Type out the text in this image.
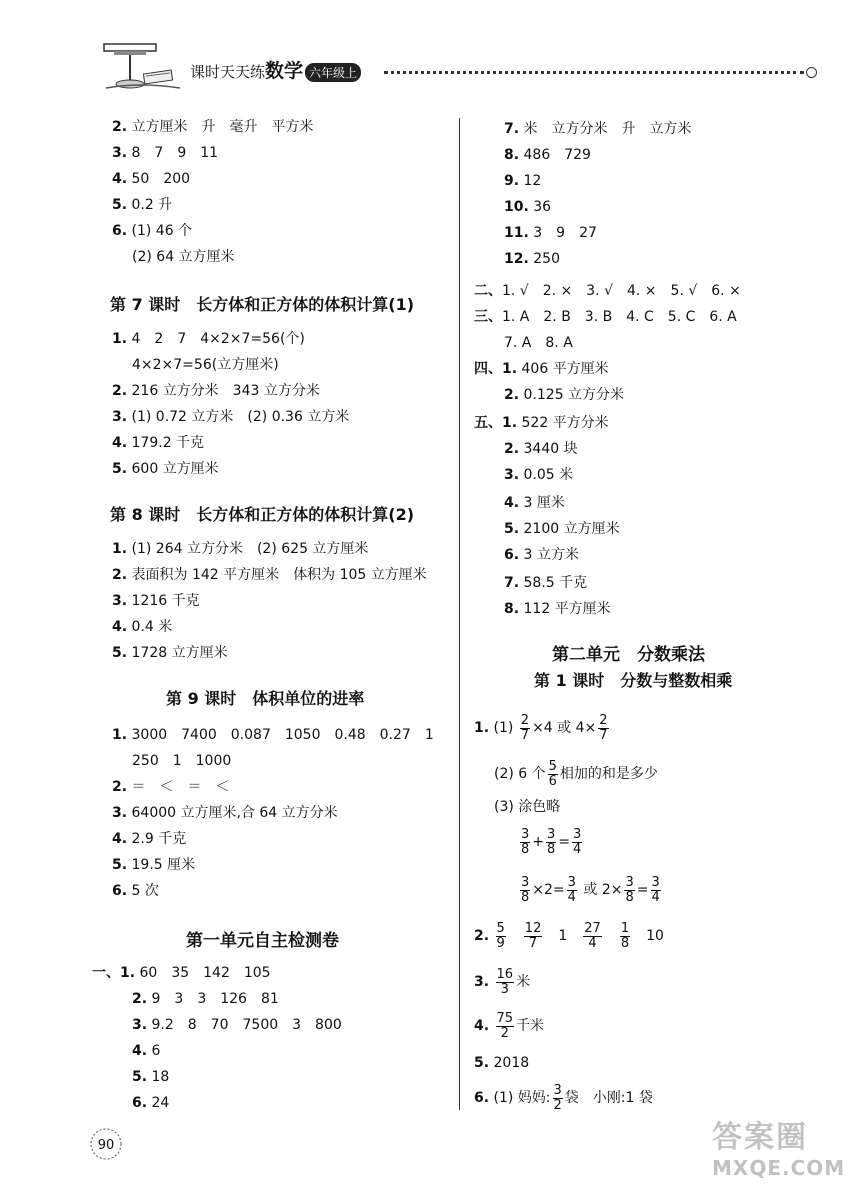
课时天天练数学 六年级上
2. 立方厘米　升　毫升　平方米
3. 8　7　9　11
4. 50　200
5. 0.2 升
6. (1) 46 个
(2) 64 立方厘米
第 7 课时　长方体和正方体的体积计算(1)
1. 4　2　7　4×2×7=56(个)
4×2×7=56(立方厘米)
2. 216 立方分米　343 立方分米
3. (1) 0.72 立方米　(2) 0.36 立方米
4. 179.2 千克
5. 600 立方厘米
第 8 课时　长方体和正方体的体积计算(2)
1. (1) 264 立方分米　(2) 625 立方厘米
2. 表面积为 142 平方厘米　体积为 105 立方厘米
3. 1216 千克
4. 0.4 米
5. 1728 立方厘米
第 9 课时　体积单位的进率
1. 3000　7400　0.087　1050　0.48　0.27　1
250　1　1000
2. ＝　＜　＝　＜
3. 64000 立方厘米,合 64 立方分米
4. 2.9 千克
5. 19.5 厘米
6. 5 次
第一单元自主检测卷
一、1. 60　35　142　105
2. 9　3　3　126　81
3. 9.2　8　70　7500　3　800
4. 6
5. 18
6. 24
7. 米　立方分米　升　立方米
8. 486　729
9. 12
10. 36
11. 3　9　27
12. 250
二、1. √　2. ×　3. √　4. ×　5. √　6. ×
三、1. A　2. B　3. B　4. C　5. C　6. A
7. A　8. A
四、1. 406 平方厘米
2. 0.125 立方分米
五、1. 522 平方分米
2. 3440 块
3. 0.05 米
4. 3 厘米
5. 2100 立方厘米
6. 3 立方米
7. 58.5 千克
8. 112 平方厘米
第二单元　分数乘法
第 1 课时　分数与整数相乘
1. $(1) \frac{2}{7} \times 4$ 或 $4\times \frac{2}{7}$
(2) 6 个 $\frac{5}{6}$ 相加的和是多少
(3) 涂色略
$\frac{3}{8} + \frac{3}{8} = \frac{3}{4}$
$\frac{3}{8} \times 2= \frac{3}{4}$ 或 $2\times \frac{3}{8} = \frac{3}{4}$
2. $\frac{5}{9}$
　 $\frac{12}{7}$
　 1　 $\frac{27}{4}$
　 $\frac{1}{8}$
　 10
3. $\frac{16}{3}$ 米
4. $\frac{75}{2}$ 千米
5. 2018
6. (1) 妈妈: $\frac{3}{2}$ 袋　小刚:1 袋
90	答案圈
MXQE.COM
